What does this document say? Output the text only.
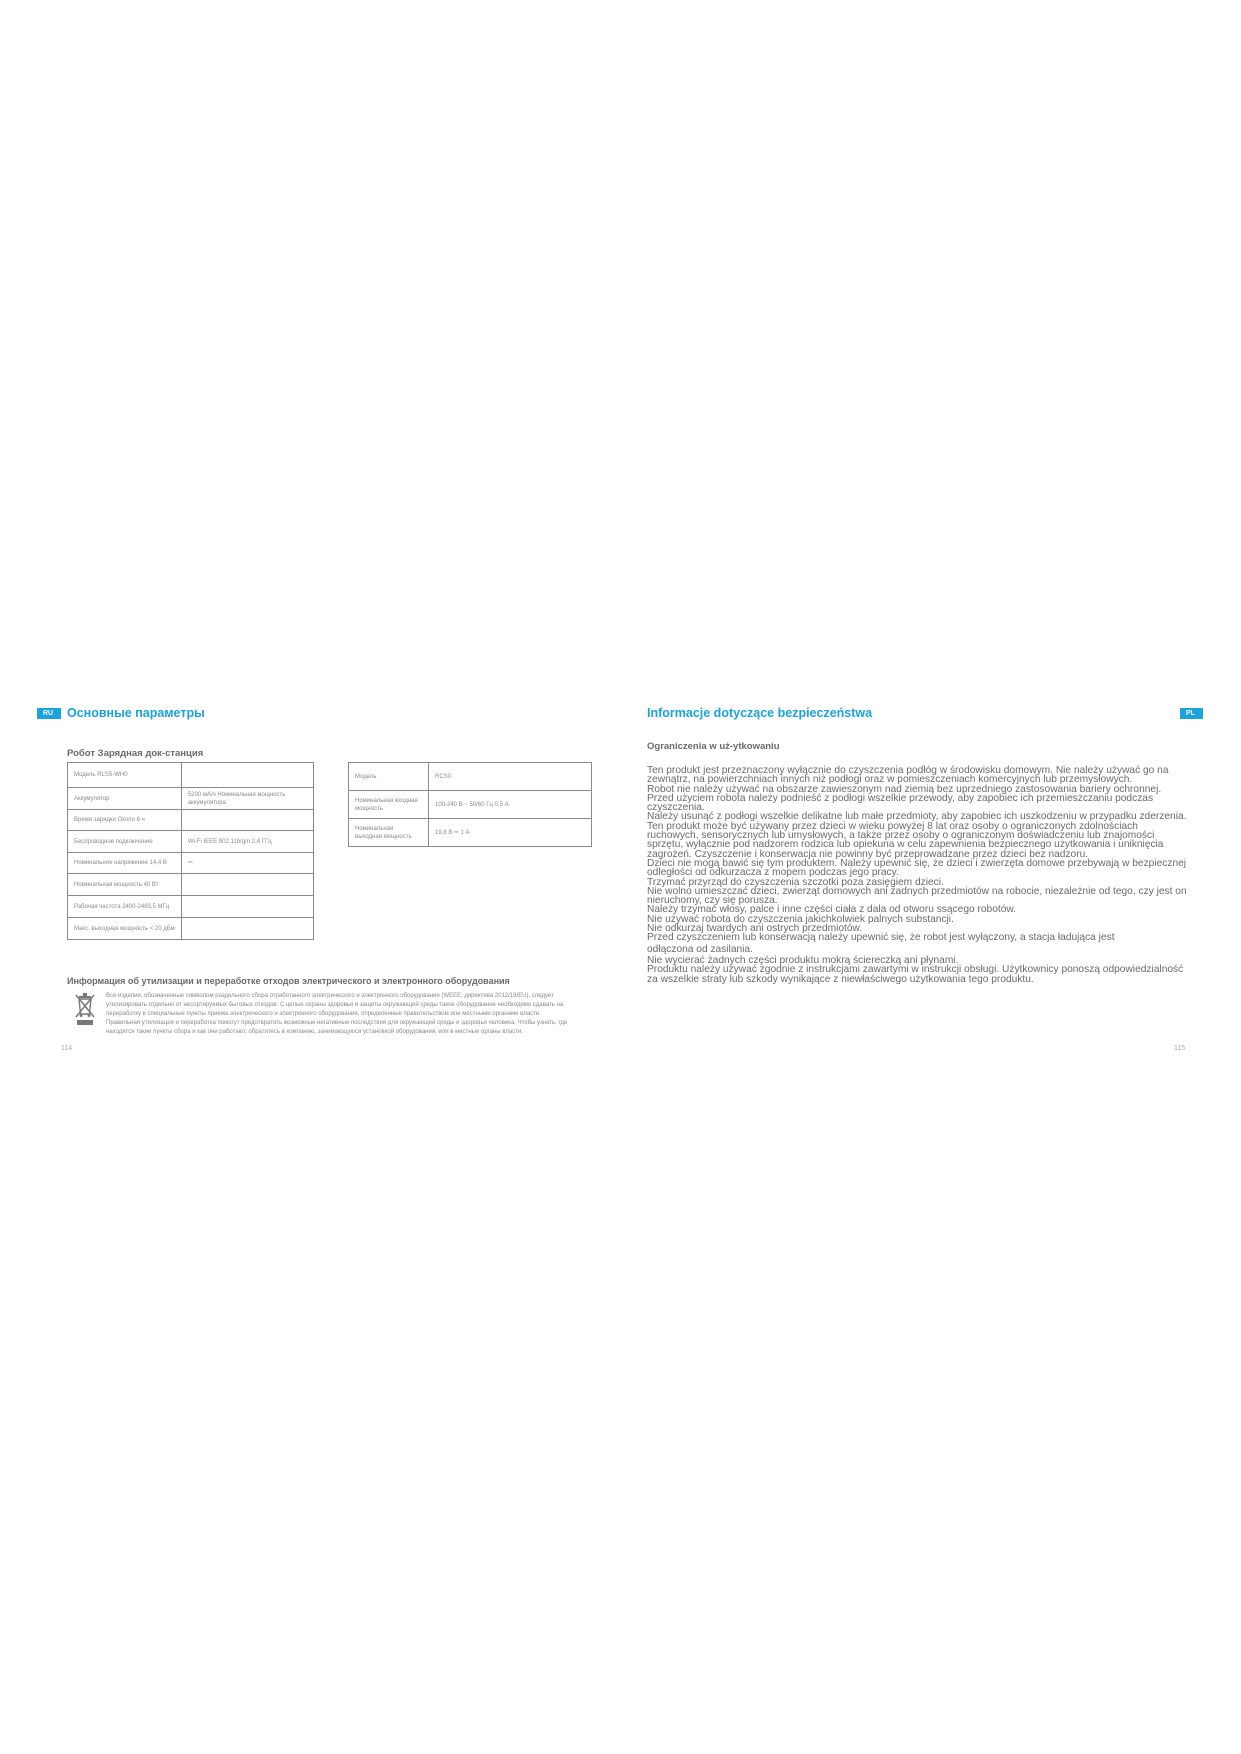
RU	Основные параметры
Робот Зарядная док-станция
Модель RLS5-WH0	
Аккумулятор	5200 мА/ч Номинальная мощность аккумулятора
Время зарядки Около 6 ч	
Беспроводное подключение	Wi-Fi IEEE 802.11b/g/n 2,4 ГГц
Номинальное напряжение 14,4 В	⎓
Номинальная мощность 40 Вт	
Рабочая частота 2400-2483,5 МГц	
Макс. выходная мощность < 20 дБм	
Модель	RCS0
Номинальная входная мощность	100-240 В ~ 50/60 Гц 0,5 А
Номинальная выходная мощность	19,8 В ⎓ 1 А
Информация об утилизации и переработке отходов электрического и электронного оборудования
Все изделия, обозначенные символом раздельного сбора отработанного электрического и электронного оборудования (WEEE, директива 2012/19/EU), следует утилизировать отдельно от несортируемых бытовых отходов. С целью охраны здоровья и защиты окружающей среды такое оборудование необходимо сдавать на переработку в специальные пункты приема электрического и электронного оборудования, определенные правительством или местными органами власти. Правильная утилизация и переработка помогут предотвратить возможные негативные последствия для окружающей среды и здоровья человека. Чтобы узнать, где находятся такие пункты сбора и как они работают, обратитесь в компанию, занимающуюся установкой оборудования, или в местные органы власти.
114
Informacje dotyczące bezpieczeństwa	PL
Ograniczenia w uż-ytkowaniu

Ten produkt jest przeznaczony wyłącznie do czyszczenia podłóg w środowisku domowym. Nie należy używać go na zewnątrz, na powierzchniach innych niż podłogi oraz w pomieszczeniach komercyjnych lub przemysłowych.

Robot nie należy używać na obszarze zawieszonym nad ziemią bez uprzedniego zastosowania bariery ochronnej.

Przed użyciem robota należy podnieść z podłogi wszelkie przewody, aby zapobiec ich przemieszczaniu podczas czyszczenia.

Należy usunąć z podłogi wszelkie delikatne lub małe przedmioty, aby zapobiec ich uszkodzeniu w przypadku zderzenia.

Ten produkt może być używany przez dzieci w wieku powyżej 8 lat oraz osoby o ograniczonych zdolnościach ruchowych, sensorycznych lub umysłowych, a także przez osoby o ograniczonym doświadczeniu lub znajomości sprzętu, wyłącznie pod nadzorem rodzica lub opiekuna w celu zapewnienia bezpiecznego użytkowania i uniknięcia zagrożeń. Czyszczenie i konserwacja nie powinny być przeprowadzane przez dzieci bez nadzoru.

Dzieci nie mogą bawić się tym produktem. Należy upewnić się, że dzieci i zwierzęta domowe przebywają w bezpiecznej odległości od odkurzacza z mopem podczas jego pracy.

Trzymać przyrząd do czyszczenia szczotki poza zasięgiem dzieci.

Nie wolno umieszczać dzieci, zwierząt domowych ani żadnych przedmiotów na robocie, niezależnie od tego, czy jest on nieruchomy, czy się porusza.

Należy trzymać włosy, palce i inne części ciała z dala od otworu ssącego robotów.

Nie używać robota do czyszczenia jakichkolwiek palnych substancji.

Nie odkurzaj twardych ani ostrych przedmiotów.

Przed czyszczeniem lub konserwacją należy upewnić się, że robot jest wyłączony, a stacja ładująca jest

odłączona od zasilania.

Nie wycierać żadnych części produktu mokrą ściereczką ani płynami.

Produktu należy używać zgodnie z instrukcjami zawartymi w instrukcji obsługi. Użytkownicy ponoszą odpowiedzialność za wszelkie straty lub szkody wynikające z niewłaściwego użytkowania tego produktu.

115
